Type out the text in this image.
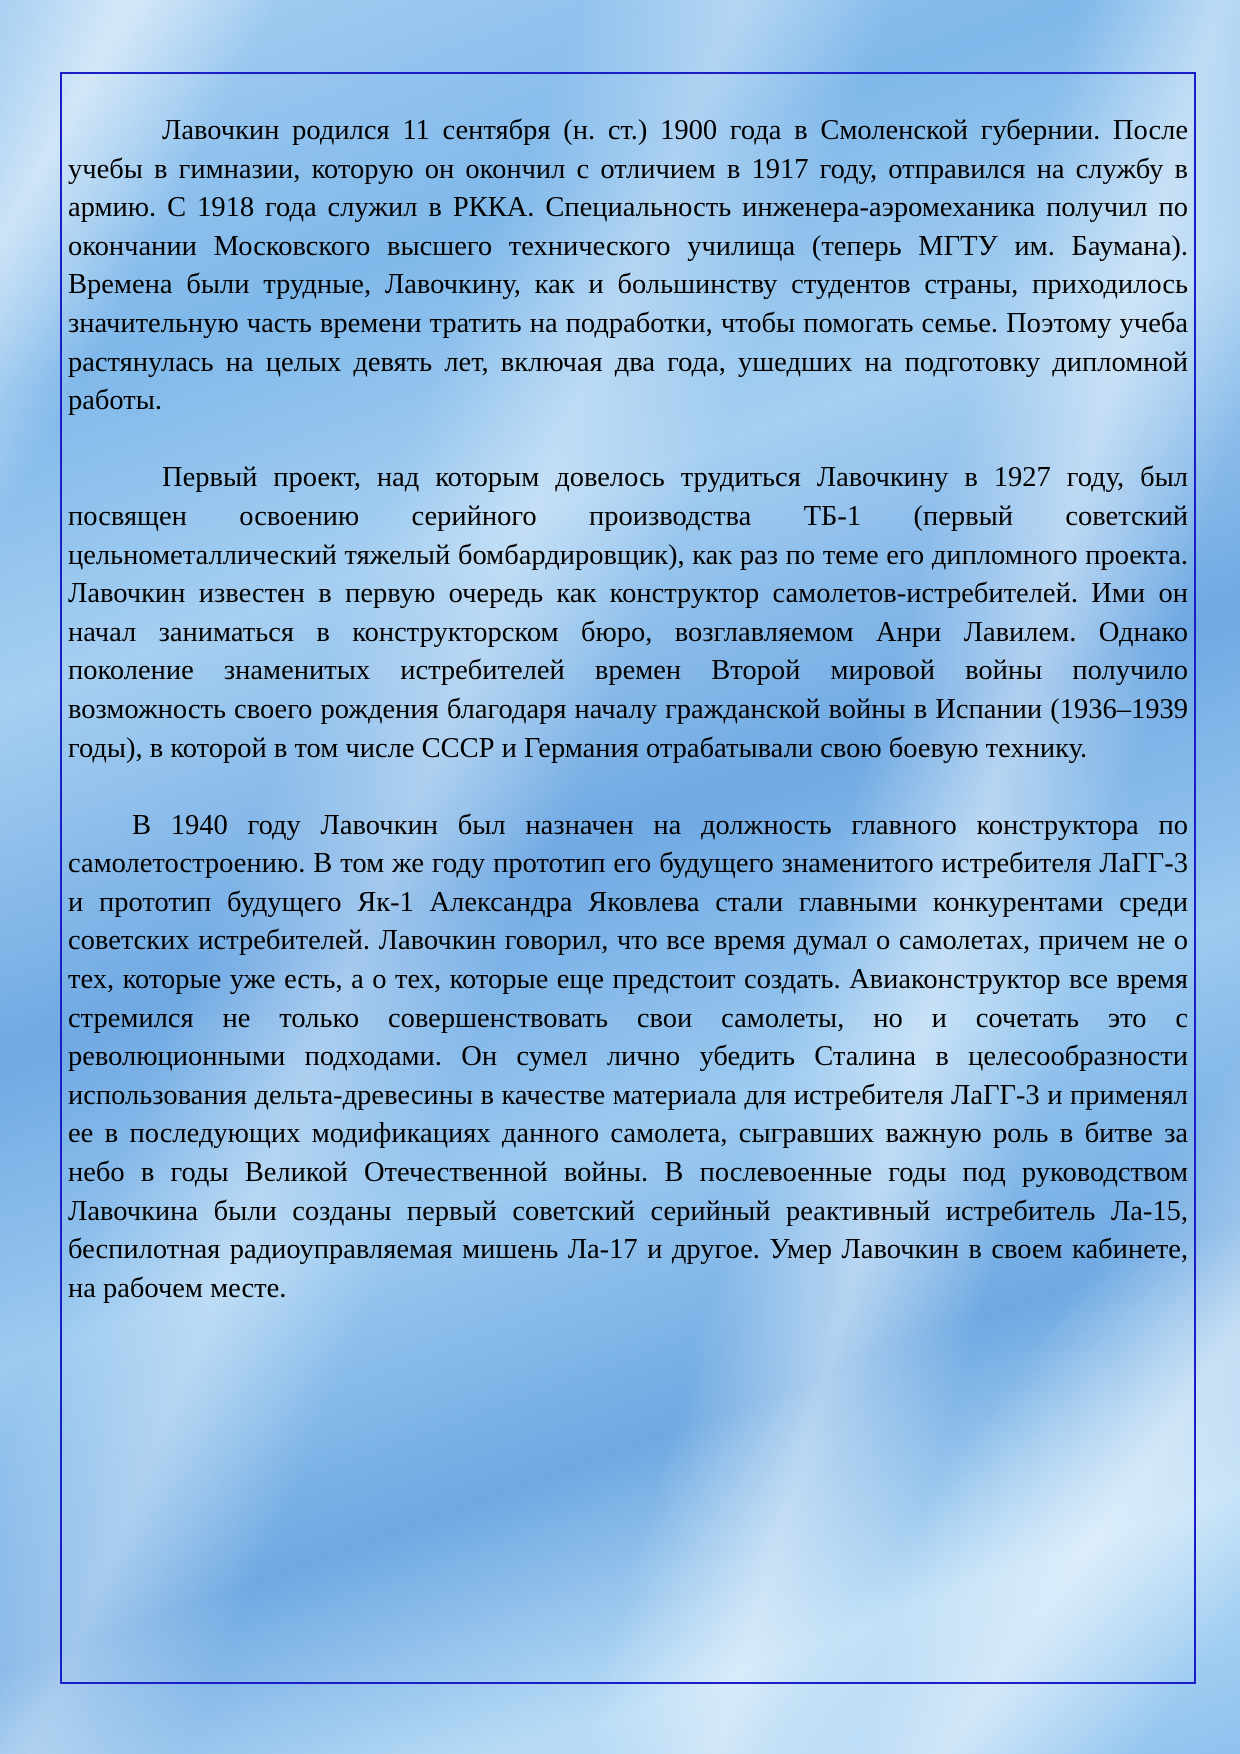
Лавочкин родился 11 сентября (н. ст.) 1900 года в Смоленской губернии. После учебы в гимназии, которую он окончил с отличием в 1917 году, отправился на службу в армию. С 1918 года служил в РККА. Специальность инженера-аэромеханика получил по окончании Московского высшего технического училища (теперь МГТУ им. Баумана). Времена были трудные, Лавочкину, как и большинству студентов страны, приходилось значительную часть времени тратить на подработки, чтобы помогать семье. Поэтому учеба растянулась на целых девять лет, включая два года, ушедших на подготовку дипломной работы.

Первый проект, над которым довелось трудиться Лавочкину в 1927 году, был посвящен освоению серийного производства ТБ-1 (первый советский цельнометаллический тяжелый бомбардировщик), как раз по теме его дипломного проекта. Лавочкин известен в первую очередь как конструктор самолетов-истребителей. Ими он начал заниматься в конструкторском бюро, возглавляемом Анри Лавилем. Однако поколение знаменитых истребителей времен Второй мировой войны получило возможность своего рождения благодаря началу гражданской войны в Испании (1936–1939 годы), в которой в том числе СССР и Германия отрабатывали свою боевую технику.

В 1940 году Лавочкин был назначен на должность главного конструктора по самолетостроению. В том же году прототип его будущего знаменитого истребителя ЛаГГ-3 и прототип будущего Як-1 Александра Яковлева стали главными конкурентами среди советских истребителей. Лавочкин говорил, что все время думал о самолетах, причем не о тех, которые уже есть, а о тех, которые еще предстоит создать. Авиаконструктор все время стремился не только совершенствовать свои самолеты, но и сочетать это с революционными подходами. Он сумел лично убедить Сталина в целесообразности использования дельта-древесины в качестве материала для истребителя ЛаГГ-3 и применял ее в последующих модификациях данного самолета, сыгравших важную роль в битве за небо в годы Великой Отечественной войны. В послевоенные годы под руководством Лавочкина были созданы первый советский серийный реактивный истребитель Ла-15, беспилотная радиоуправляемая мишень Ла-17 и другое. Умер Лавочкин в своем кабинете, на рабочем месте.
